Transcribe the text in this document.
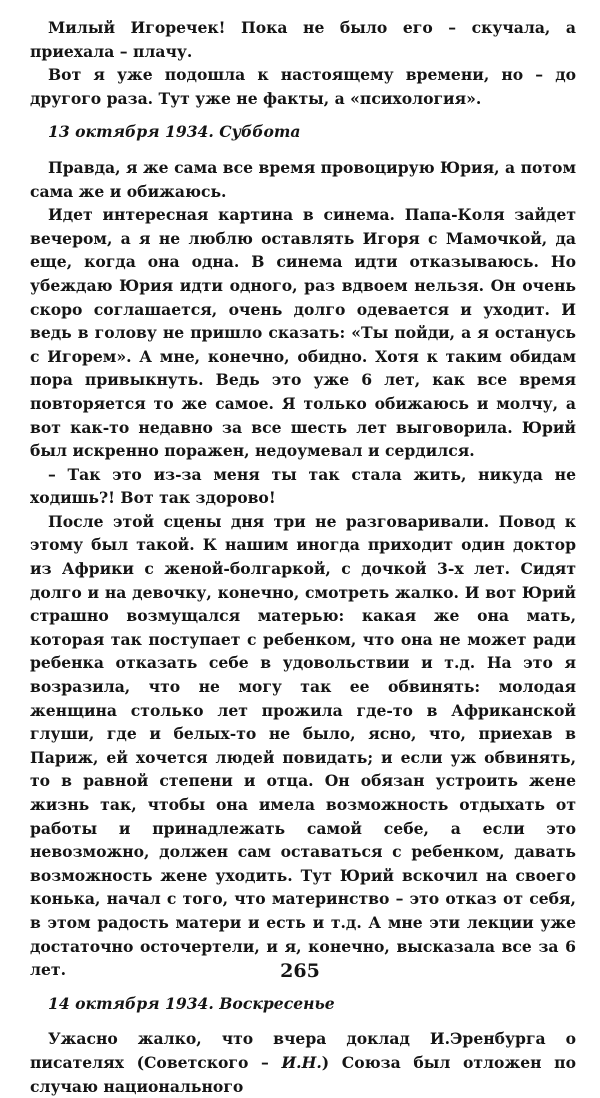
Милый Игоречек! Пока не было его – скучала, а приехала – плачу.

Вот я уже подошла к настоящему времени, но – до другого раза. Тут уже не факты, а «психология».

13 октября 1934. Суббота

Правда, я же сама все время провоцирую Юрия, а потом сама же и обижаюсь.

Идет интересная картина в синема. Папа-Коля зайдет вечером, а я не люблю оставлять Игоря с Мамочкой, да еще, когда она одна. В синема идти отказываюсь. Но убеждаю Юрия идти одного, раз вдвоем нельзя. Он очень скоро соглашается, очень долго одевается и уходит. И ведь в голову не пришло сказать: «Ты пойди, а я останусь с Игорем». А мне, конечно, обидно. Хотя к таким обидам пора привыкнуть. Ведь это уже 6 лет, как все время повторяется то же самое. Я только обижаюсь и молчу, а вот как-то недавно за все шесть лет выговорила. Юрий был искренно поражен, недоумевал и сердился.

– Так это из-за меня ты так стала жить, никуда не ходишь?! Вот так здорово!

После этой сцены дня три не разговаривали. Повод к этому был такой. К нашим иногда приходит один доктор из Африки с женой-болгаркой, с дочкой 3-х лет. Сидят долго и на девочку, конечно, смотреть жалко. И вот Юрий страшно возмущался матерью: какая же она мать, которая так поступает с ребенком, что она не может ради ребенка отказать себе в удовольствии и т.д. На это я возразила, что не могу так ее обвинять: молодая женщина столько лет прожила где-то в Африканской глуши, где и белых-то не было, ясно, что, приехав в Париж, ей хочется людей повидать; и если уж обвинять, то в равной степени и отца. Он обязан устроить жене жизнь так, чтобы она имела возможность отдыхать от работы и принадлежать самой себе, а если это невозможно, должен сам оставаться с ребенком, давать возможность жене уходить. Тут Юрий вскочил на своего конька, начал с того, что материнство – это отказ от себя, в этом радость матери и есть и т.д. А мне эти лекции уже достаточно осточертели, и я, конечно, высказала все за 6 лет.

14 октября 1934. Воскресенье

Ужасно жалко, что вчера доклад И.Эренбурга о писателях (Советского – И.Н.) Союза был отложен по случаю национального

265
